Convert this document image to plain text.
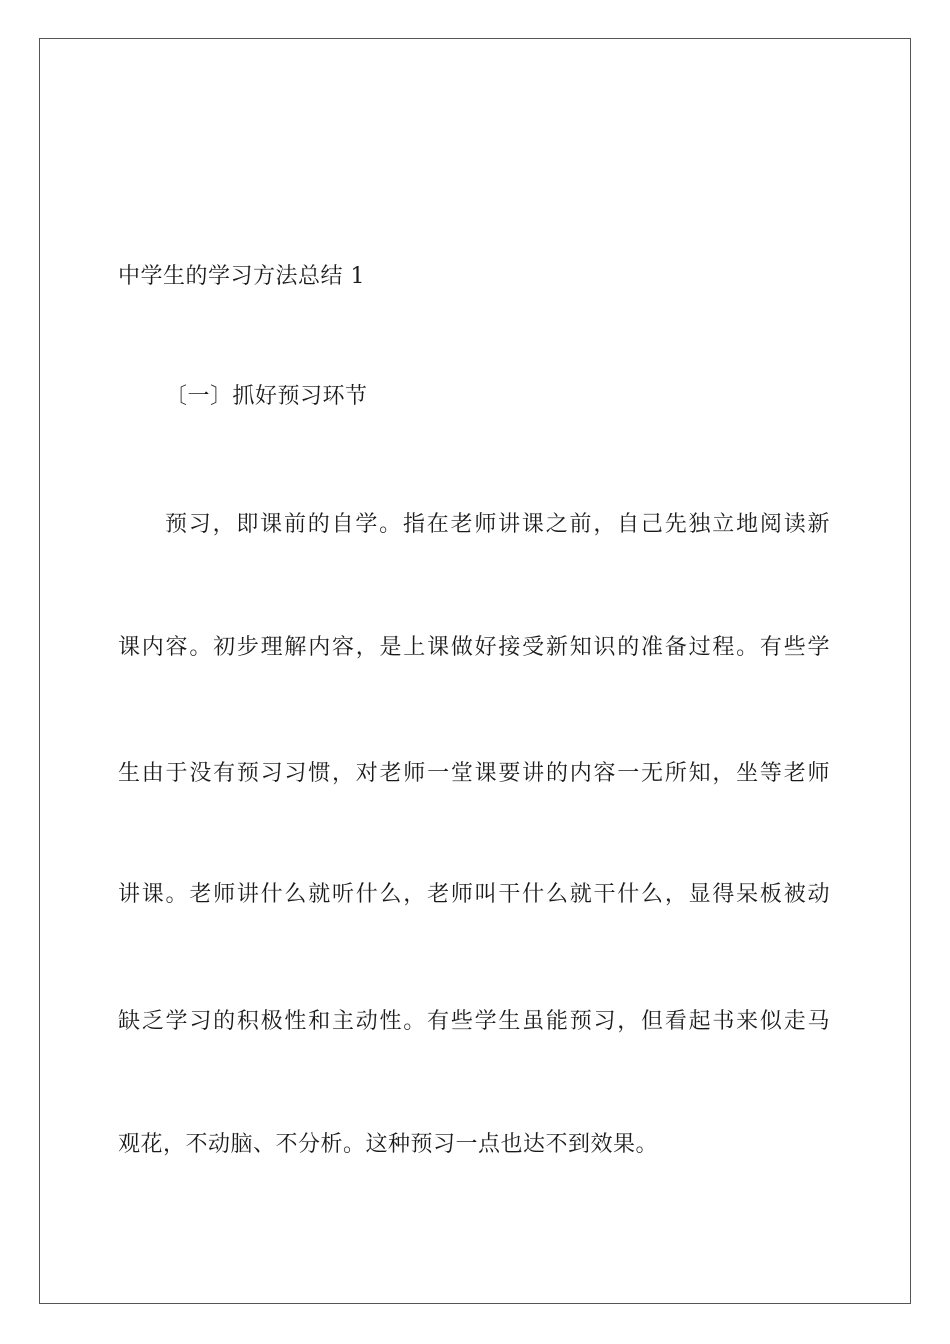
中学生的学习方法总结 1
〔一〕抓好预习环节
预习，即课前的自学。指在老师讲课之前，自己先独立地阅读新
课内容。初步理解内容，是上课做好接受新知识的准备过程。有些学
生由于没有预习习惯，对老师一堂课要讲的内容一无所知，坐等老师
讲课。老师讲什么就听什么，老师叫干什么就干什么，显得呆板被动
缺乏学习的积极性和主动性。有些学生虽能预习，但看起书来似走马
观花，不动脑、不分析。这种预习一点也达不到效果。
